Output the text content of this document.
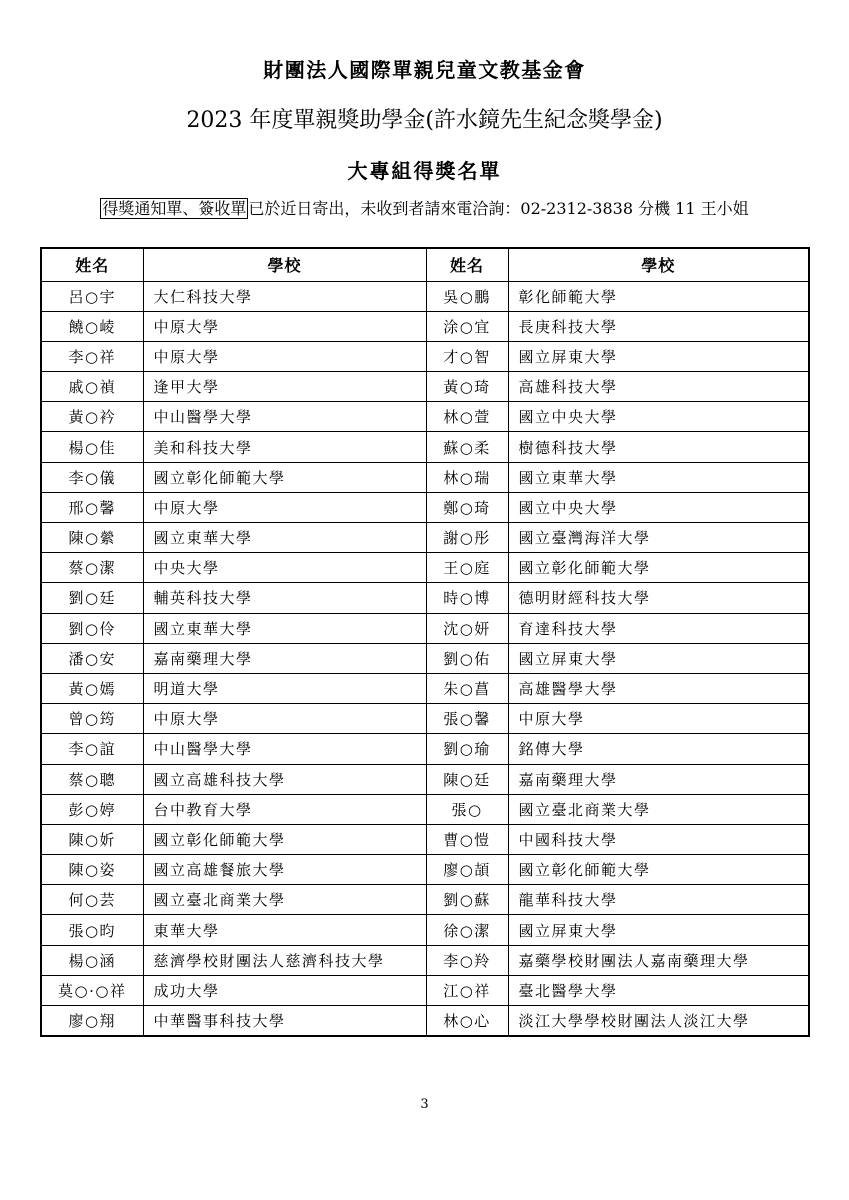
財團法人國際單親兒童文教基金會
2023 年度單親獎助學金(許水鏡先生紀念獎學金)
大專組得獎名單
得獎通知單、簽收單 已於近日寄出，未收到者請來電洽詢：02-2312-3838 分機 11 王小姐
姓名	學校	姓名	學校
呂○宇	大仁科技大學	吳○鵬	彰化師範大學
饒○崚	中原大學	涂○宜	長庚科技大學
李○祥	中原大學	才○智	國立屏東大學
戚○禎	逢甲大學	黃○琦	高雄科技大學
黃○衿	中山醫學大學	林○萱	國立中央大學
楊○佳	美和科技大學	蘇○柔	樹德科技大學
李○儀	國立彰化師範大學	林○瑞	國立東華大學
邢○馨	中原大學	鄭○琦	國立中央大學
陳○縈	國立東華大學	謝○彤	國立臺灣海洋大學
蔡○潔	中央大學	王○庭	國立彰化師範大學
劉○廷	輔英科技大學	時○博	德明財經科技大學
劉○伶	國立東華大學	沈○妍	育達科技大學
潘○安	嘉南藥理大學	劉○佑	國立屏東大學
黃○嫣	明道大學	朱○菖	高雄醫學大學
曾○筠	中原大學	張○馨	中原大學
李○誼	中山醫學大學	劉○瑜	銘傳大學
蔡○聰	國立高雄科技大學	陳○廷	嘉南藥理大學
彭○婷	台中教育大學	張○	國立臺北商業大學
陳○妡	國立彰化師範大學	曹○愷	中國科技大學
陳○姿	國立高雄餐旅大學	廖○頡	國立彰化師範大學
何○芸	國立臺北商業大學	劉○蘇	龍華科技大學
張○昀	東華大學	徐○潔	國立屏東大學
楊○涵	慈濟學校財團法人慈濟科技大學	李○羚	嘉藥學校財團法人嘉南藥理大學
莫○·○祥	成功大學	江○祥	臺北醫學大學
廖○翔	中華醫事科技大學	林○心	淡江大學學校財團法人淡江大學
3
